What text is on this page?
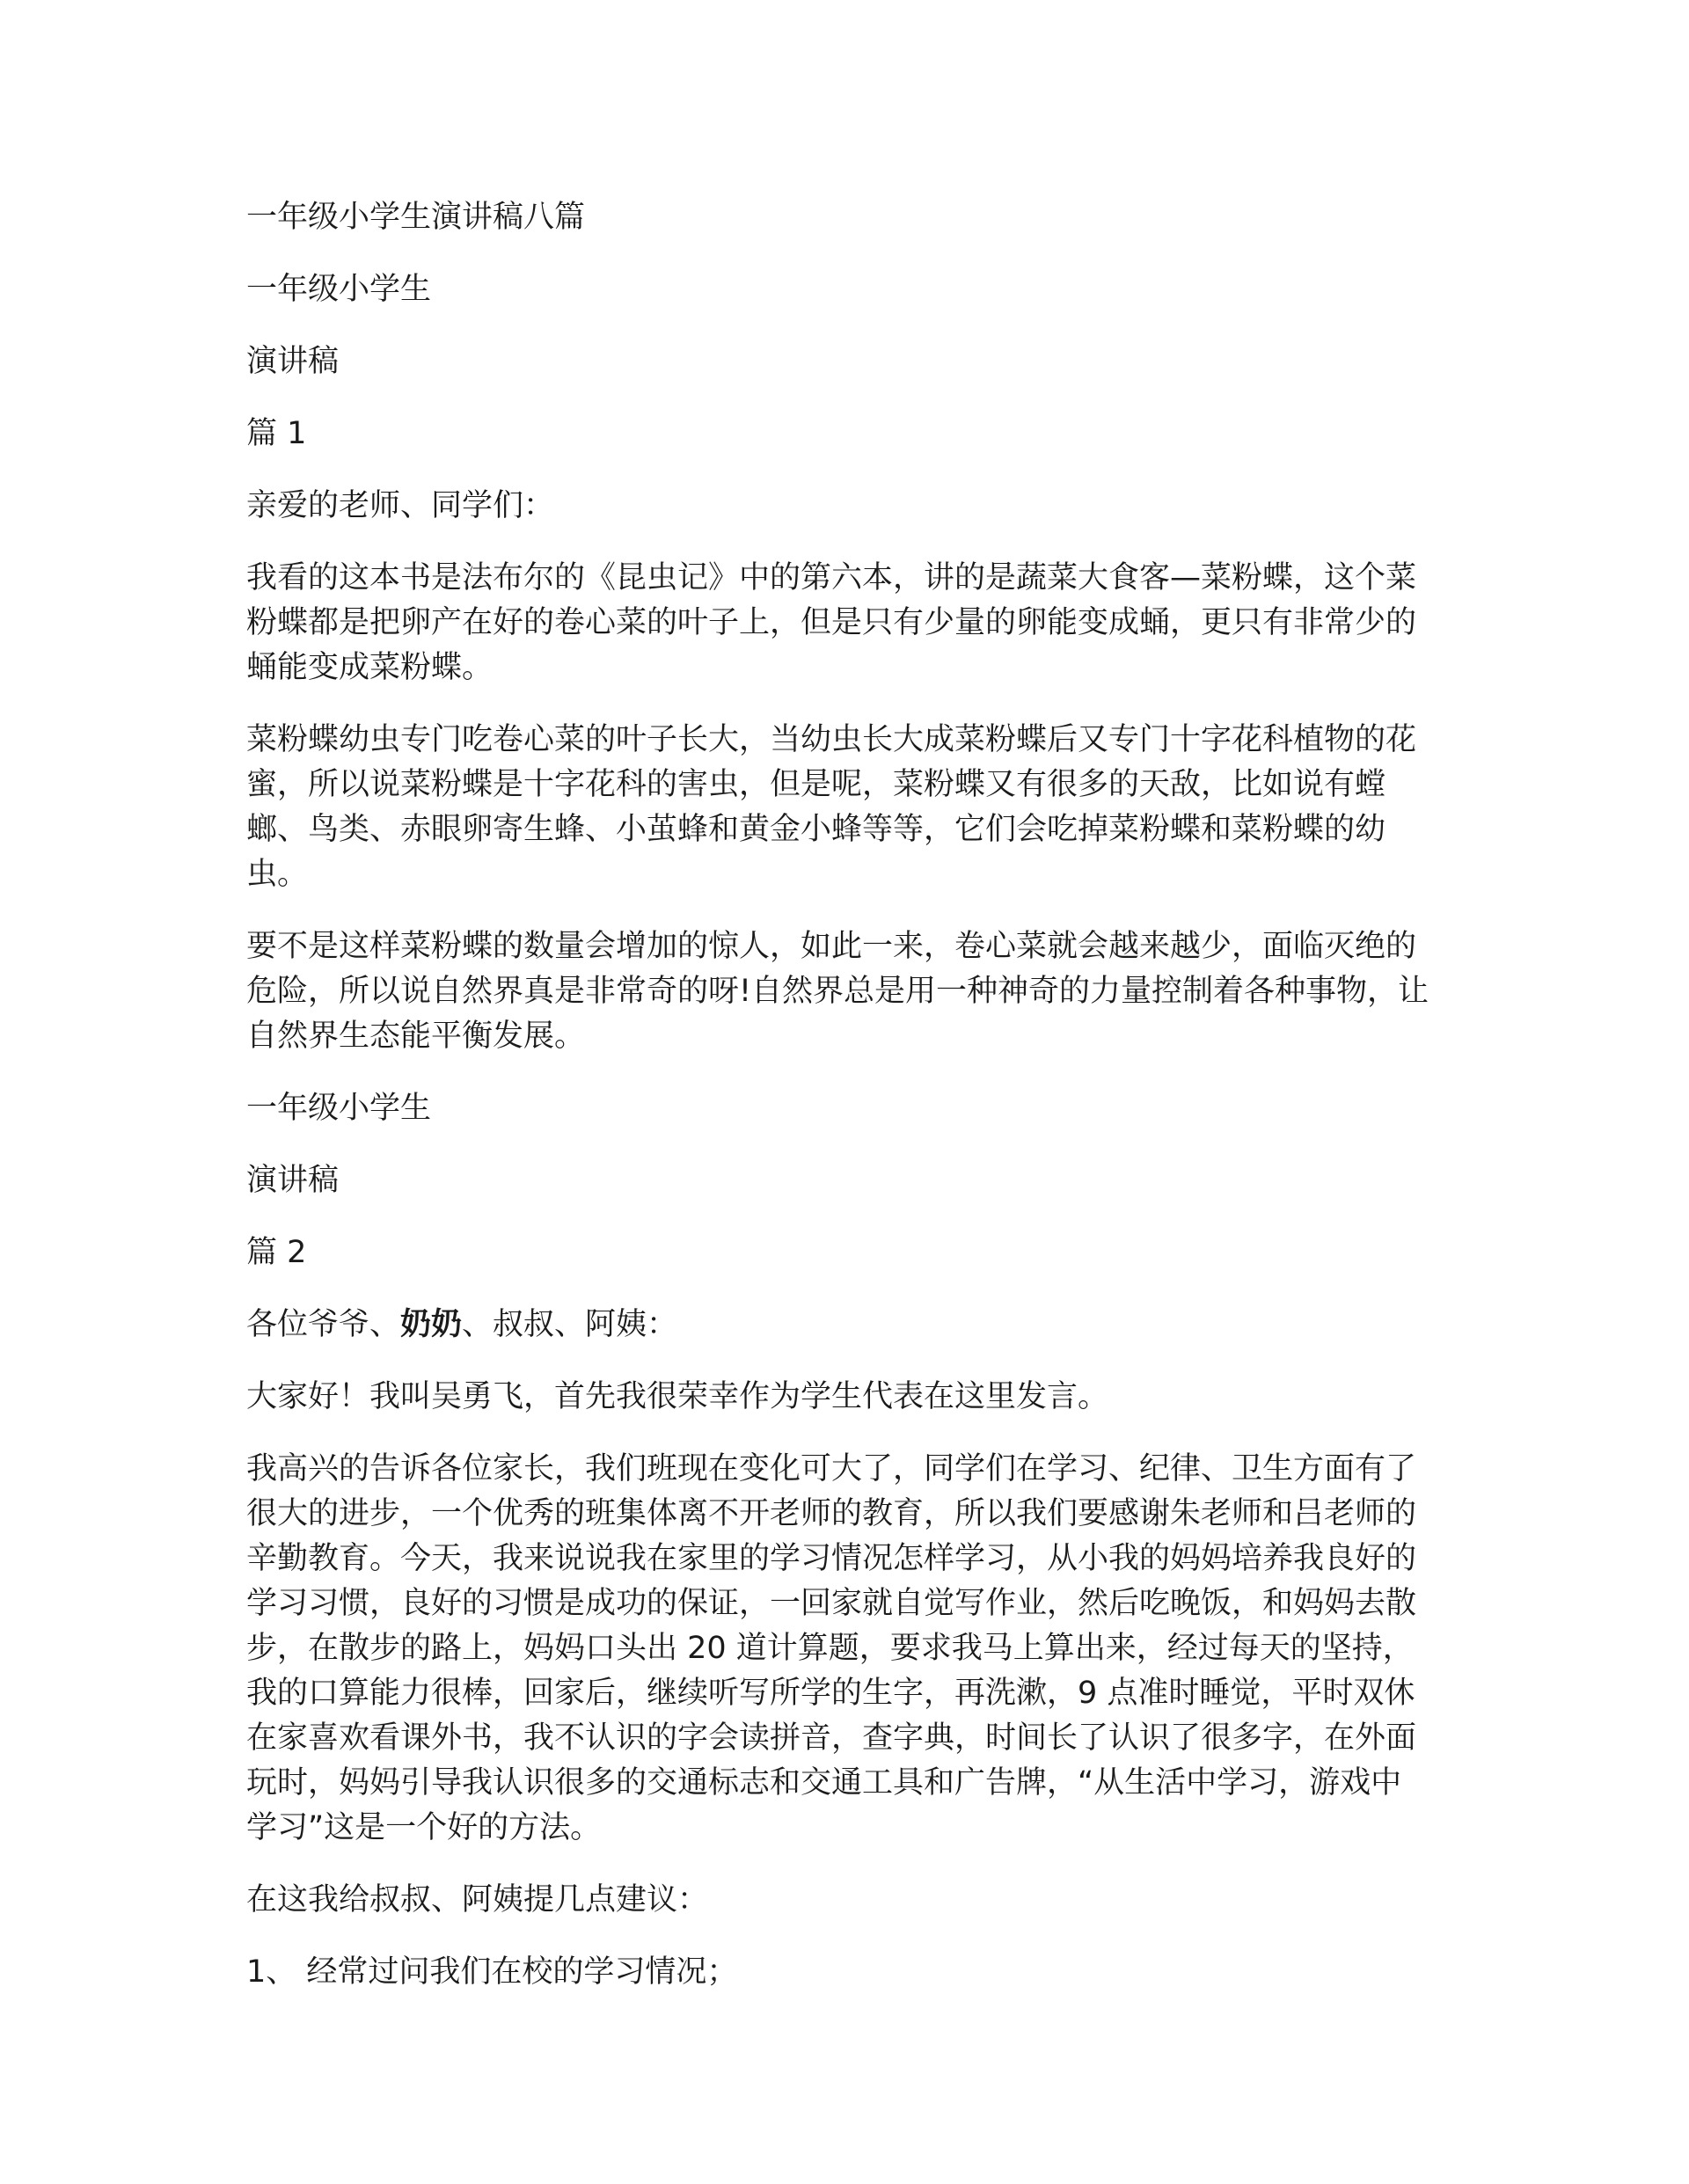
一年级小学生演讲稿八篇

一年级小学生

演讲稿

篇 1

亲爱的老师、同学们：

我看的这本书是法布尔的《昆虫记》中的第六本，讲的是蔬菜大食客—菜粉蝶，这个菜粉蝶都是把卵产在好的卷心菜的叶子上，但是只有少量的卵能变成蛹，更只有非常少的蛹能变成菜粉蝶。

菜粉蝶幼虫专门吃卷心菜的叶子长大，当幼虫长大成菜粉蝶后又专门十字花科植物的花蜜，所以说菜粉蝶是十字花科的害虫，但是呢，菜粉蝶又有很多的天敌，比如说有螳螂、鸟类、赤眼卵寄生蜂、小茧蜂和黄金小蜂等等，它们会吃掉菜粉蝶和菜粉蝶的幼虫。

要不是这样菜粉蝶的数量会增加的惊人，如此一来，卷心菜就会越来越少，面临灭绝的危险，所以说自然界真是非常奇的呀!自然界总是用一种神奇的力量控制着各种事物，让自然界生态能平衡发展。

一年级小学生

演讲稿

篇 2

各位爷爷、奶奶、叔叔、阿姨：

大家好！我叫吴勇飞，首先我很荣幸作为学生代表在这里发言。

我高兴的告诉各位家长，我们班现在变化可大了，同学们在学习、纪律、卫生方面有了很大的进步，一个优秀的班集体离不开老师的教育，所以我们要感谢朱老师和吕老师的辛勤教育。今天，我来说说我在家里的学习情况怎样学习，从小我的妈妈培养我良好的学习习惯，良好的习惯是成功的保证，一回家就自觉写作业，然后吃晚饭，和妈妈去散步，在散步的路上，妈妈口头出 20 道计算题，要求我马上算出来，经过每天的坚持，我的口算能力很棒，回家后，继续听写所学的生字，再洗漱，9 点准时睡觉，平时双休在家喜欢看课外书，我不认识的字会读拼音，查字典，时间长了认识了很多字，在外面玩时，妈妈引导我认识很多的交通标志和交通工具和广告牌，“从生活中学习，游戏中学习”这是一个好的方法。

在这我给叔叔、阿姨提几点建议：

1、 经常过问我们在校的学习情况；
